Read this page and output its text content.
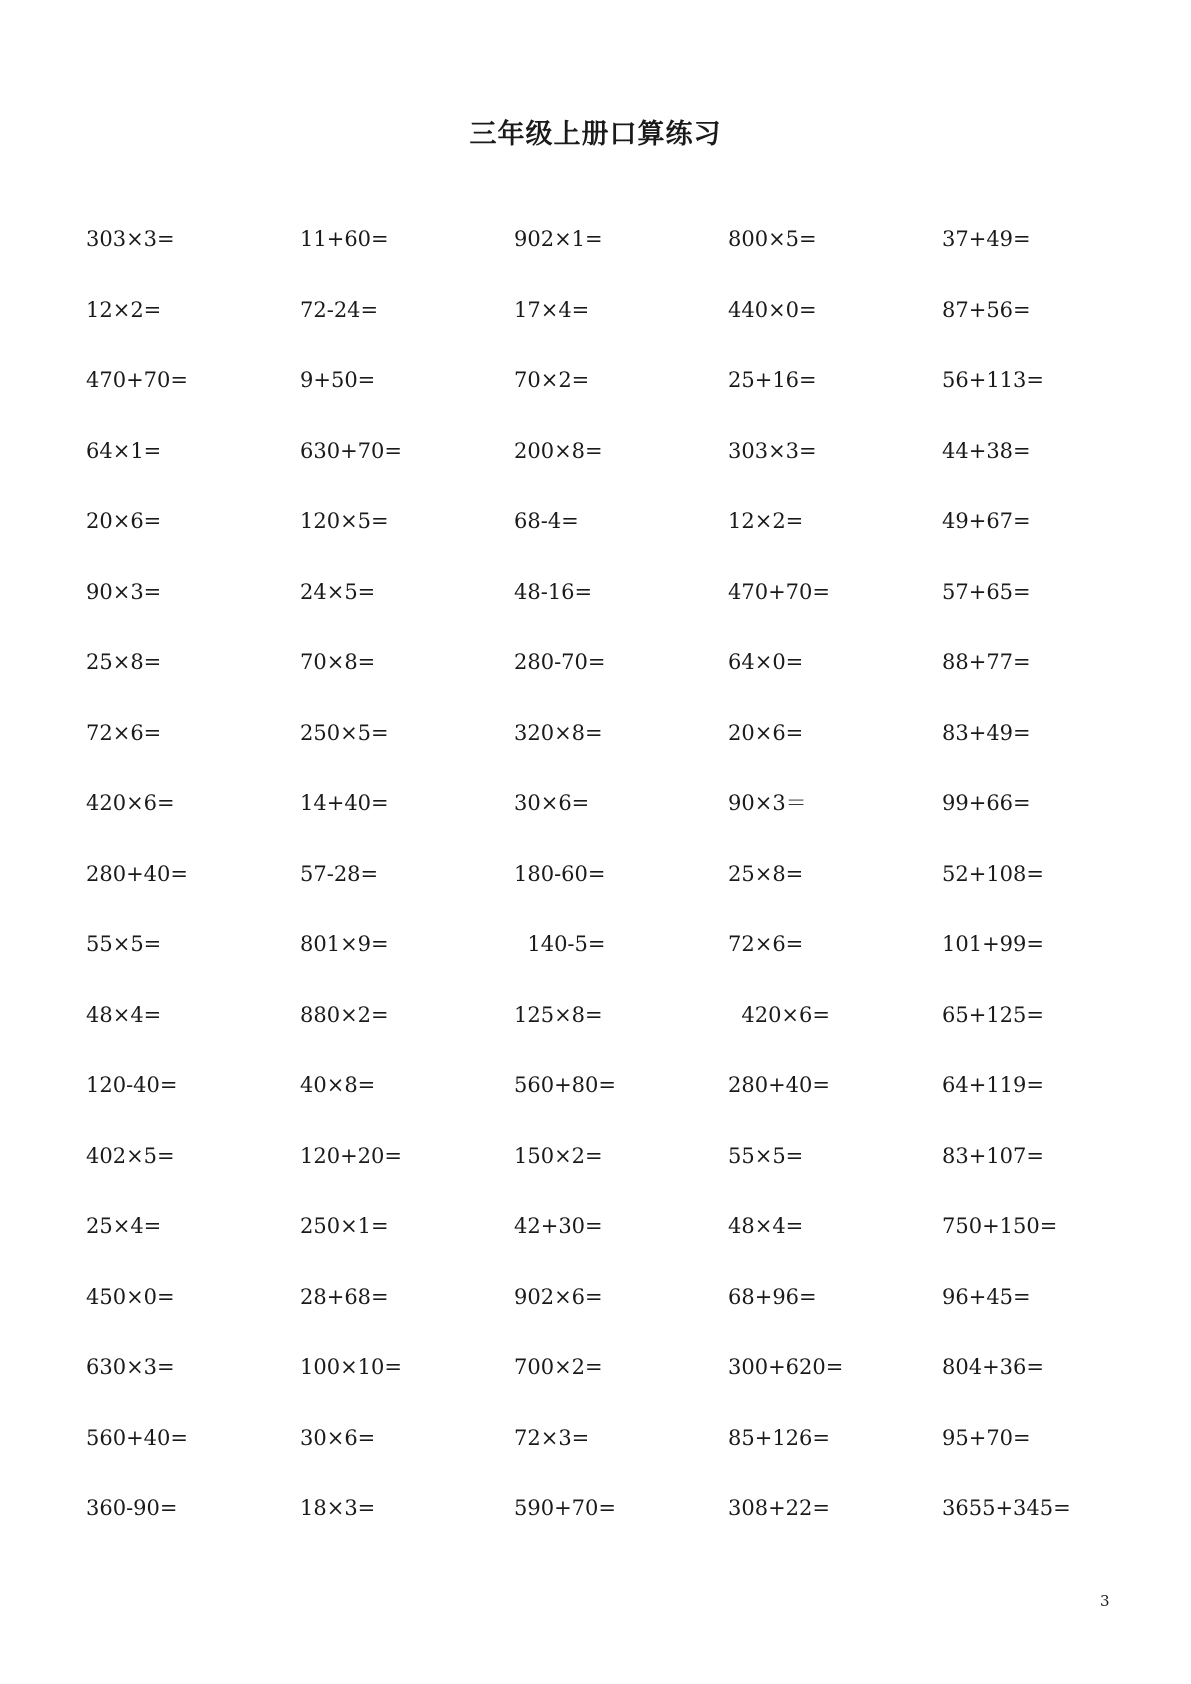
三年级上册口算练习
303×3=	11+60=	902×1=	800×5=	37+49=
12×2=	72-24=	17×4=	440×0=	87+56=
470+70=	9+50=	70×2=	25+16=	56+113=
64×1=	630+70=	200×8=	303×3=	44+38=
20×6=	120×5=	68-4=	12×2=	49+67=
90×3=	24×5=	48-16=	470+70=	57+65=
25×8=	70×8=	280-70=	64×0=	88+77=
72×6=	250×5=	320×8=	20×6=	83+49=
420×6=	14+40=	30×6=	90×3＝	99+66=
280+40=	57-28=	180-60=	25×8=	52+108=
55×5=	801×9=	140-5=	72×6=	101+99=
48×4=	880×2=	125×8=	420×6=	65+125=
120-40=	40×8=	560+80=	280+40=	64+119=
402×5=	120+20=	150×2=	55×5=	83+107=
25×4=	250×1=	42+30=	48×4=	750+150=
450×0=	28+68=	902×6=	68+96=	96+45=
630×3=	100×10=	700×2=	300+620=	804+36=
560+40=	30×6=	72×3=	85+126=	95+70=
360-90=	18×3=	590+70=	308+22=	3655+345=
3
